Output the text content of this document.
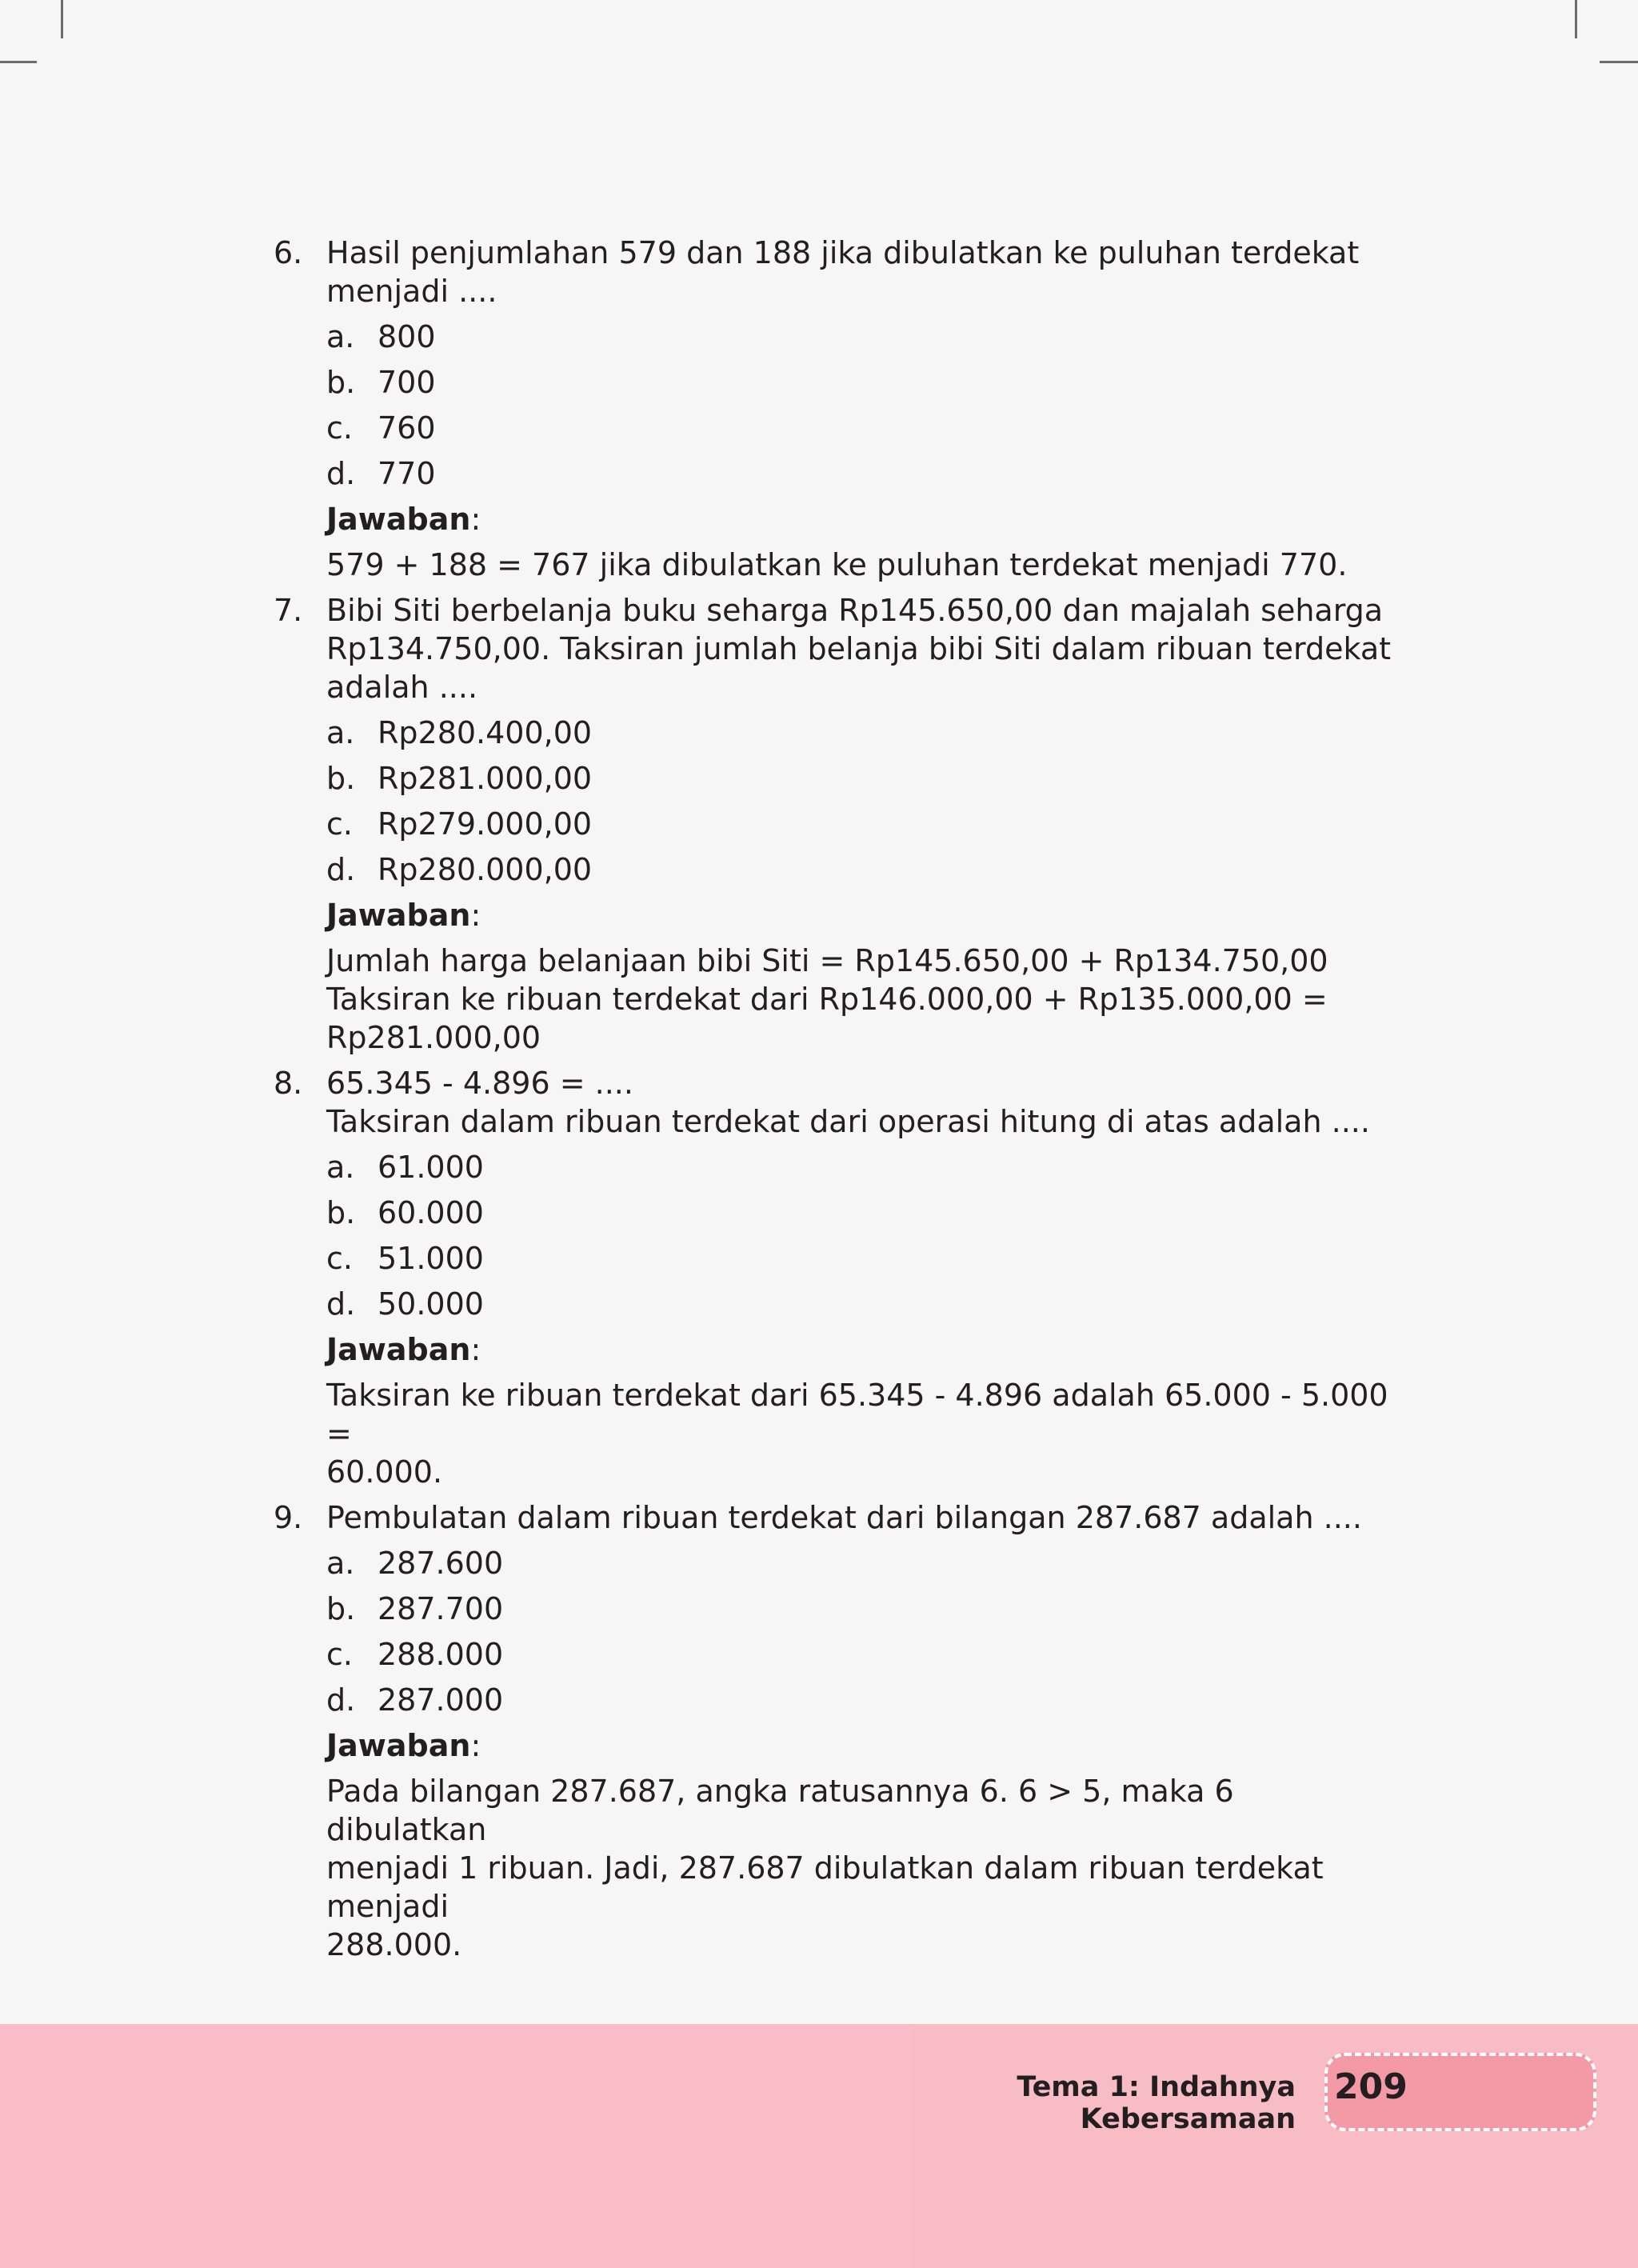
6. Hasil penjumlahan 579 dan 188 jika dibulatkan ke puluhan terdekat
menjadi ....
a. 800
b. 700
c. 760
d. 770
Jawaban:
579 + 188 = 767 jika dibulatkan ke puluhan terdekat menjadi 770.
7. Bibi Siti berbelanja buku seharga Rp145.650,00 dan majalah seharga
Rp134.750,00. Taksiran jumlah belanja bibi Siti dalam ribuan terdekat
adalah ....
a. Rp280.400,00
b. Rp281.000,00
c. Rp279.000,00
d. Rp280.000,00
Jawaban:
Jumlah harga belanjaan bibi Siti = Rp145.650,00 + Rp134.750,00
Taksiran ke ribuan terdekat dari Rp146.000,00 + Rp135.000,00 =
Rp281.000,00
8. 65.345 - 4.896 = ....
Taksiran dalam ribuan terdekat dari operasi hitung di atas adalah ....
a. 61.000
b. 60.000
c. 51.000
d. 50.000
Jawaban:
Taksiran ke ribuan terdekat dari 65.345 - 4.896 adalah 65.000 - 5.000 =
60.000.
9. Pembulatan dalam ribuan terdekat dari bilangan 287.687 adalah ....
a. 287.600
b. 287.700
c. 288.000
d. 287.000
Jawaban:
Pada bilangan 287.687, angka ratusannya 6. 6 > 5, maka 6 dibulatkan
menjadi 1 ribuan. Jadi, 287.687 dibulatkan dalam ribuan terdekat menjadi
288.000.
Tema 1: Indahnya Kebersamaan
209
